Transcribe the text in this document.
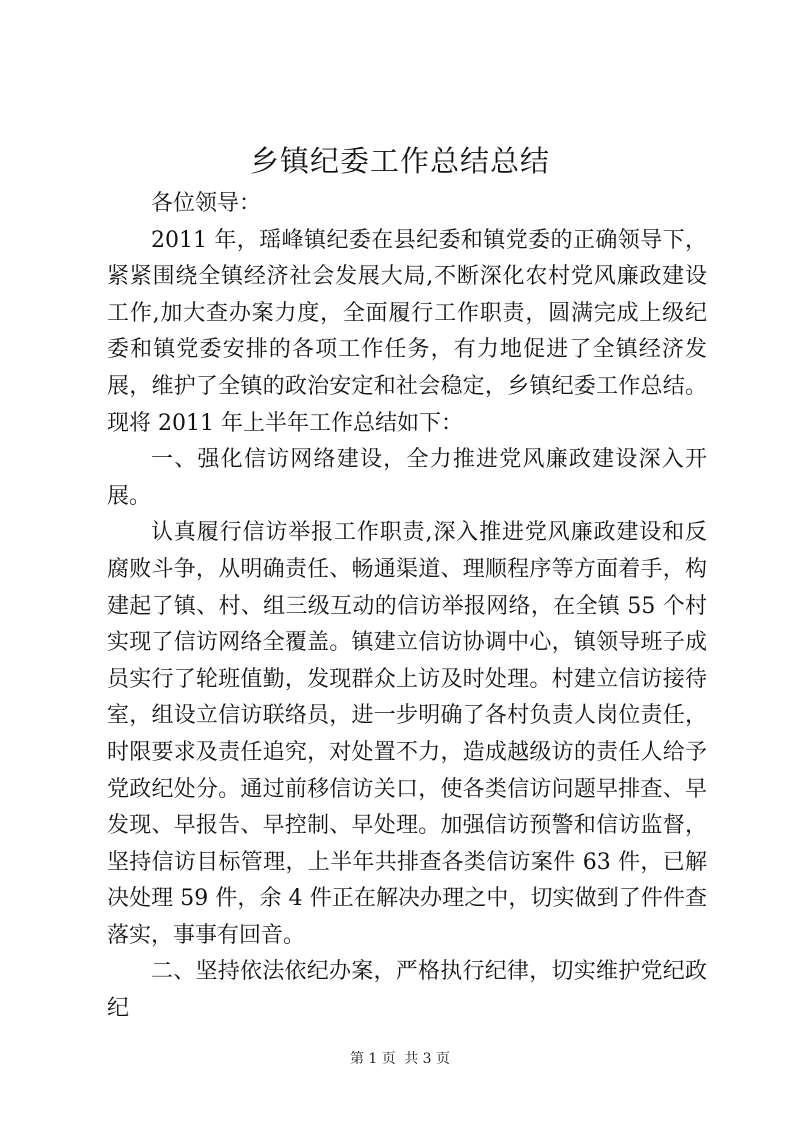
乡镇纪委工作总结总结

各位领导：

2011 年，瑶峰镇纪委在县纪委和镇党委的正确领导下，紧紧围绕全镇经济社会发展大局,不断深化农村党风廉政建设工作,加大查办案力度，全面履行工作职责，圆满完成上级纪委和镇党委安排的各项工作任务，有力地促进了全镇经济发展，维护了全镇的政治安定和社会稳定，乡镇纪委工作总结。现将 2011 年上半年工作总结如下：

一、强化信访网络建设，全力推进党风廉政建设深入开展。

认真履行信访举报工作职责,深入推进党风廉政建设和反腐败斗争，从明确责任、畅通渠道、理顺程序等方面着手，构建起了镇、村、组三级互动的信访举报网络，在全镇 55 个村实现了信访网络全覆盖。镇建立信访协调中心，镇领导班子成员实行了轮班值勤，发现群众上访及时处理。村建立信访接待室，组设立信访联络员，进一步明确了各村负责人岗位责任，时限要求及责任追究，对处置不力，造成越级访的责任人给予党政纪处分。通过前移信访关口，使各类信访问题早排查、早发现、早报告、早控制、早处理。加强信访预警和信访监督，坚持信访目标管理，上半年共排查各类信访案件 63 件，已解决处理 59 件，余 4 件正在解决办理之中，切实做到了件件查落实，事事有回音。

二、坚持依法依纪办案，严格执行纪律，切实维护党纪政纪

第 1 页 共 3 页
